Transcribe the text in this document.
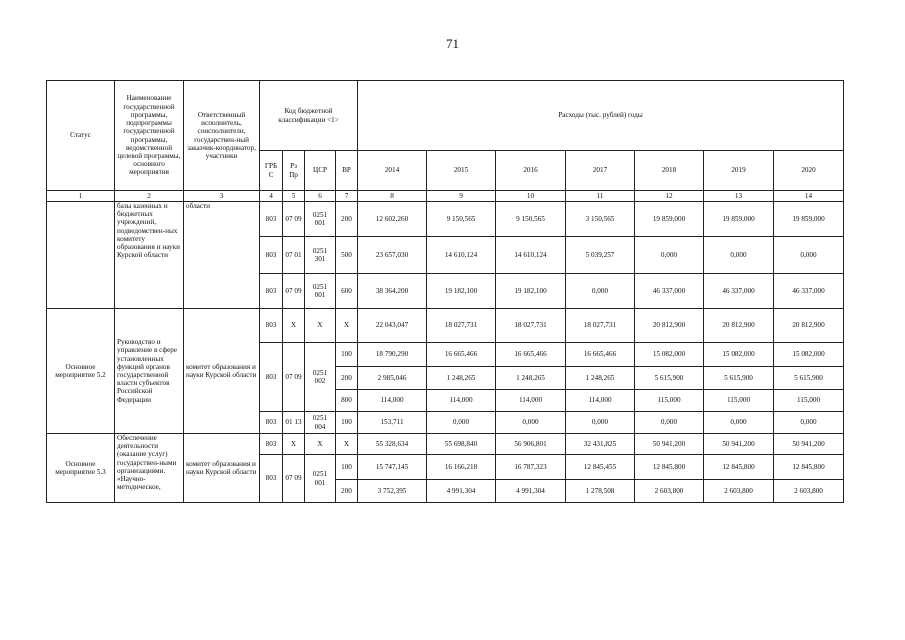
71
Статус	Наименование государственной программы, подпрограммы государственной программы, ведомственной целевой программы, основного мероприятия	Ответственный исполнитель, соисполнители, государствен-ный заказчик-координатор, участники	Код бюджетной классификации <1>				Расходы (тыс. рублей) годы						
			ГРБ С	Рз Пр	ЦСР	ВР	2014	2015	2016	2017	2018	2019	2020
1	2	3	4	5	6	7	8	9	10	11	12	13	14
	базы казенных и бюджетных учреждений, подведомствен-ных комитету образования и науки Курской области	области	803	07 09	0251 001	200	12 602,260	9 150,565	9 150,565	3 150,565	19 859,000	19 859,000	19 859,000
			803	07 01	0251 301	500	23 657,030	14 610,124	14 610,124	5 039,257	0,000	0,000	0,000
			803	07 09	0251 001	600	38 364,200	19 182,100	19 182,100	0,000	46 337,000	46 337,000	46 337,000
Основное мероприятие 5.2	Руководство и управление в сфере установленных функций органов государственной власти субъектов Российской Федерации	комитет образования и науки Курской области	803	X	X	X	22 043,047	18 027,731	18 027,731	18 027,731	20 812,900	20 812,900	20 812,900
			803	07 09	0251 002	100	18 790,290	16 665,466	16 665,466	16 665,466	15 082,000	15 082,000	15 082,000
						200	2 985,046	1 248,265	1 248,265	1 248,265	5 615,900	5 615,900	5 615,900
						800	114,000	114,000	114,000	114,000	115,000	115,000	115,000
			803	01 13	0251 004	100	153,711	0,000	0,000	0,000	0,000	0,000	0,000
Основное мероприятие 5.3	Обеспечение деятельности (оказание услуг) государствен-ными организациями. «Научно-методическое,	комитет образования и науки Курской области	803	X	X	X	55 328,634	55 698,840	56 906,801	32 431,825	50 941,200	50 941,200	50 941,200
			803	07 09	0251 001	100	15 747,145	16 166,218	16 787,323	12 845,455	12 845,800	12 845,800	12 845,800
						200	3 752,395	4 991,304	4 991,304	1 278,508	2 603,800	2 603,800	2 603,800
